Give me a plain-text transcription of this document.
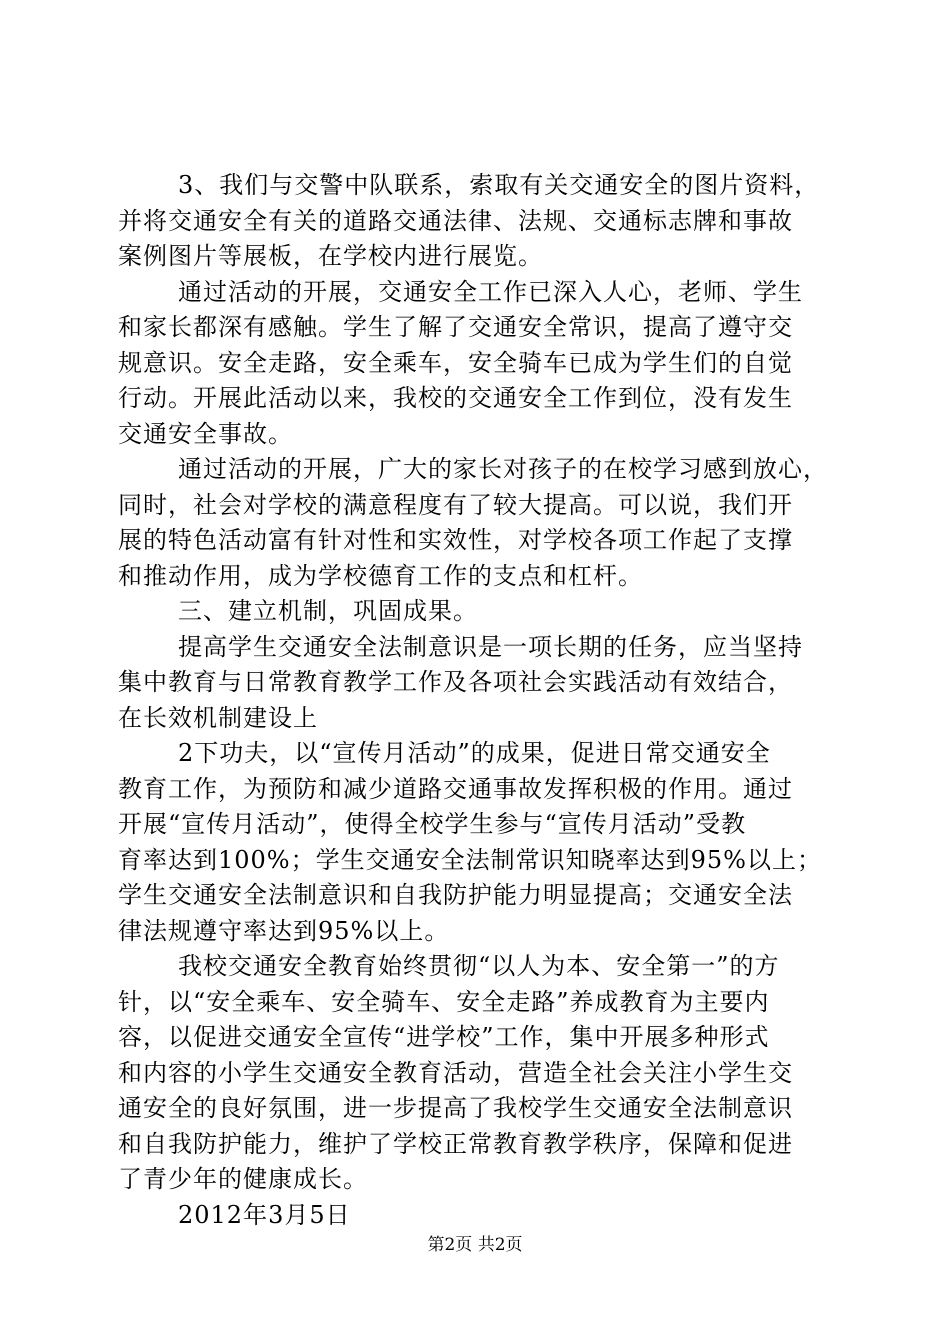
3、我们与交警中队联系，索取有关交通安全的图片资料，

并将交通安全有关的道路交通法律、法规、交通标志牌和事故

案例图片等展板，在学校内进行展览。

通过活动的开展，交通安全工作已深入人心，老师、学生

和家长都深有感触。学生了解了交通安全常识，提高了遵守交

规意识。安全走路，安全乘车，安全骑车已成为学生们的自觉

行动。开展此活动以来，我校的交通安全工作到位，没有发生

交通安全事故。

通过活动的开展，广大的家长对孩子的在校学习感到放心，

同时，社会对学校的满意程度有了较大提高。可以说，我们开

展的特色活动富有针对性和实效性，对学校各项工作起了支撑

和推动作用，成为学校德育工作的支点和杠杆。

三、建立机制，巩固成果。

提高学生交通安全法制意识是一项长期的任务，应当坚持

集中教育与日常教育教学工作及各项社会实践活动有效结合，

在长效机制建设上

2下功夫，以“宣传月活动”的成果，促进日常交通安全

教育工作，为预防和减少道路交通事故发挥积极的作用。通过

开展“宣传月活动”，使得全校学生参与“宣传月活动”受教

育率达到100%；学生交通安全法制常识知晓率达到95%以上；

学生交通安全法制意识和自我防护能力明显提高；交通安全法

律法规遵守率达到95%以上。

我校交通安全教育始终贯彻“以人为本、安全第一”的方

针，以“安全乘车、安全骑车、安全走路”养成教育为主要内

容，以促进交通安全宣传“进学校”工作，集中开展多种形式

和内容的小学生交通安全教育活动，营造全社会关注小学生交

通安全的良好氛围，进一步提高了我校学生交通安全法制意识

和自我防护能力，维护了学校正常教育教学秩序，保障和促进

了青少年的健康成长。

2012年3月5日

第2页 共2页
